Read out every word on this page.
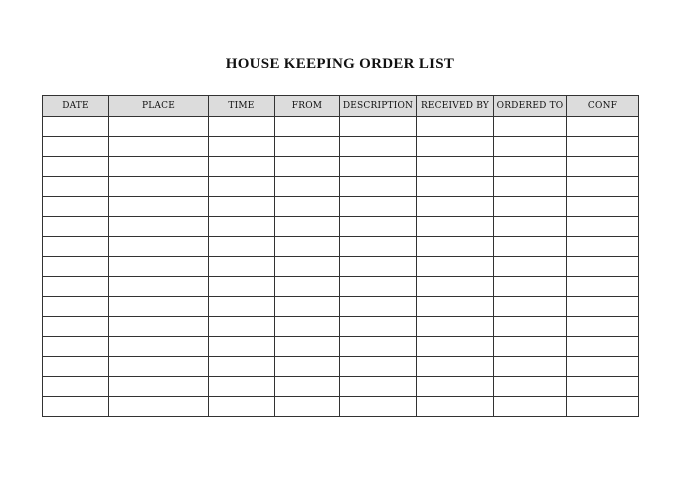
HOUSE KEEPING ORDER LIST
DATE	PLACE	TIME	FROM	DESCRIPTION	RECEIVED BY	ORDERED TO	CONF
